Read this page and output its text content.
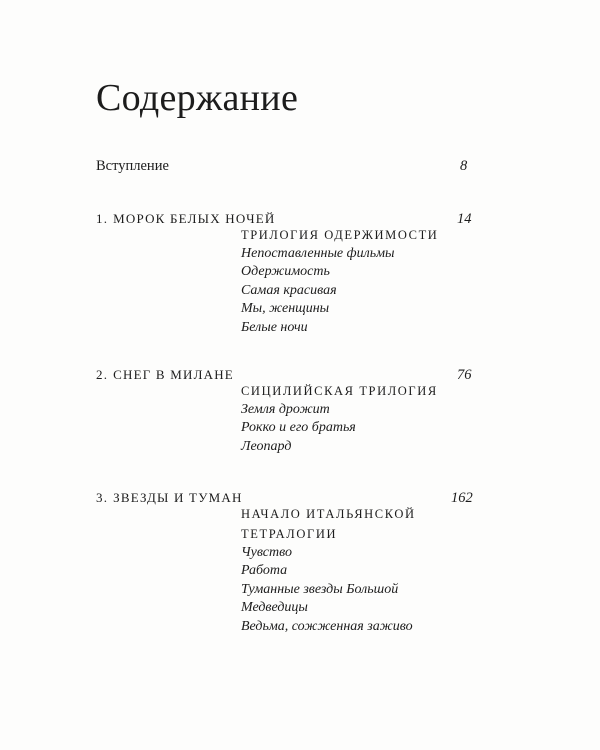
Содержание
Вступление	8
1. МОРОК БЕЛЫХ НОЧЕЙ	14
ТРИЛОГИЯ ОДЕРЖИМОСТИ
Непоставленные фильмы
Одержимость
Самая красивая
Мы, женщины
Белые ночи
2. СНЕГ В МИЛАНЕ	76
СИЦИЛИЙСКАЯ ТРИЛОГИЯ
Земля дрожит
Рокко и его братья
Леопард
3. ЗВЕЗДЫ И ТУМАН	162
НАЧАЛО ИТАЛЬЯНСКОЙ
ТЕТРАЛОГИИ
Чувство
Работа
Туманные звезды Большой
Медведицы
Ведьма, сожженная заживо
